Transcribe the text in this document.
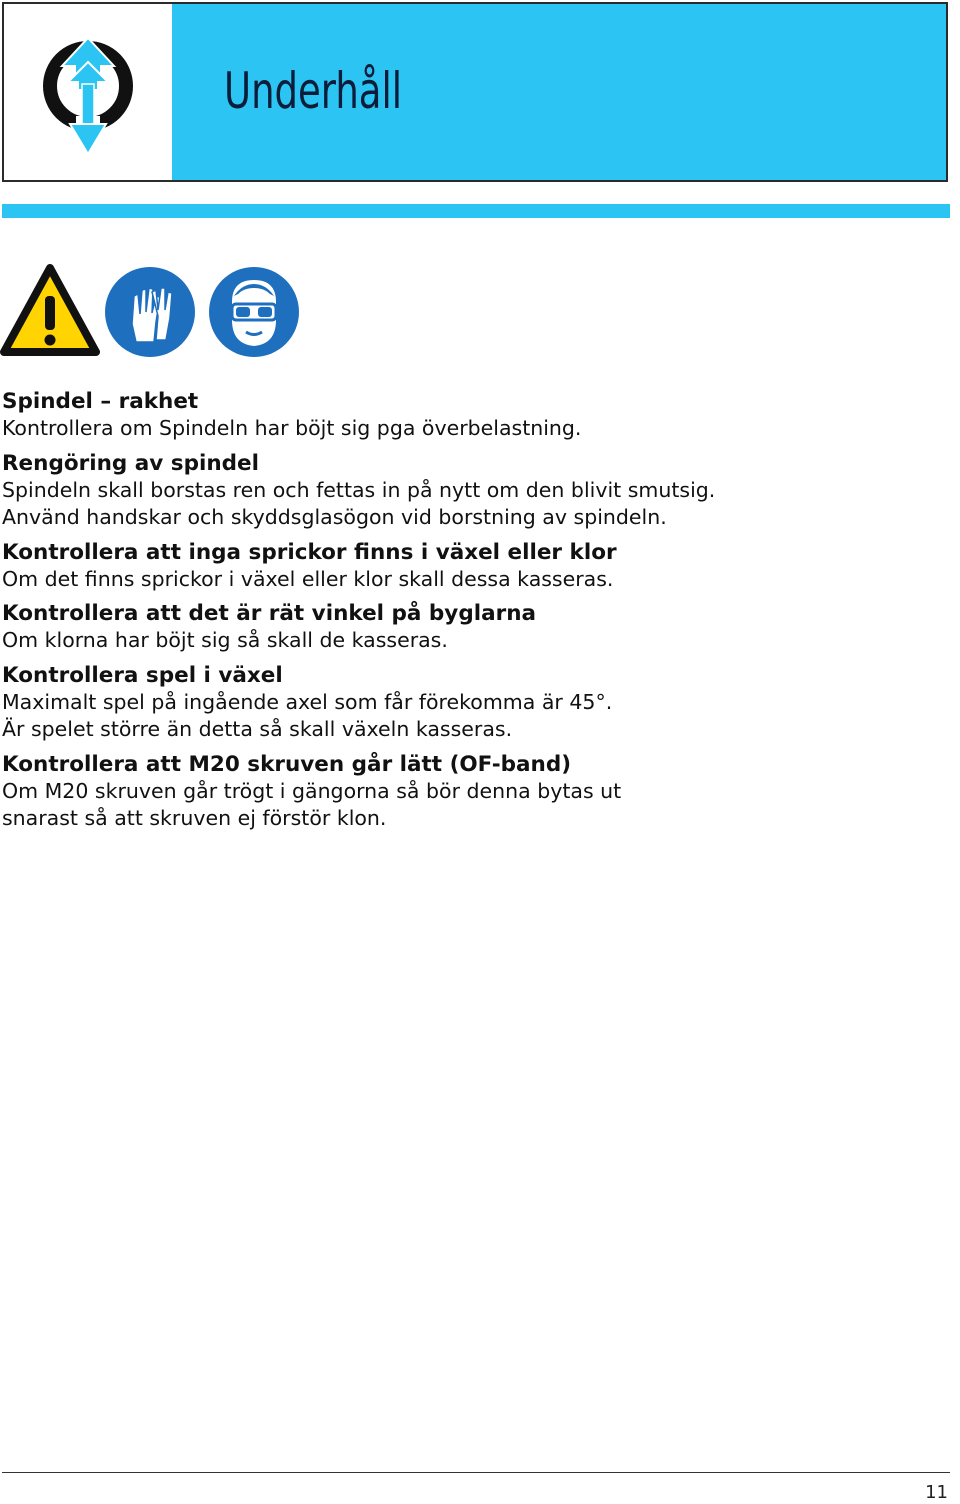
Underhåll
Spindel – rakhet

Kontrollera om Spindeln har böjt sig pga överbelastning.

Rengöring av spindel

Spindeln skall borstas ren och fettas in på nytt om den blivit smutsig.

Använd handskar och skyddsglasögon vid borstning av spindeln.

Kontrollera att inga sprickor finns i växel eller klor

Om det finns sprickor i växel eller klor skall dessa kasseras.

Kontrollera att det är rät vinkel på byglarna

Om klorna har böjt sig så skall de kasseras.

Kontrollera spel i växel

Maximalt spel på ingående axel som får förekomma är 45°.

Är spelet större än detta så skall växeln kasseras.

Kontrollera att M20 skruven går lätt (OF-band)

Om M20 skruven går trögt i gängorna så bör denna bytas ut

snarast så att skruven ej förstör klon.

11
